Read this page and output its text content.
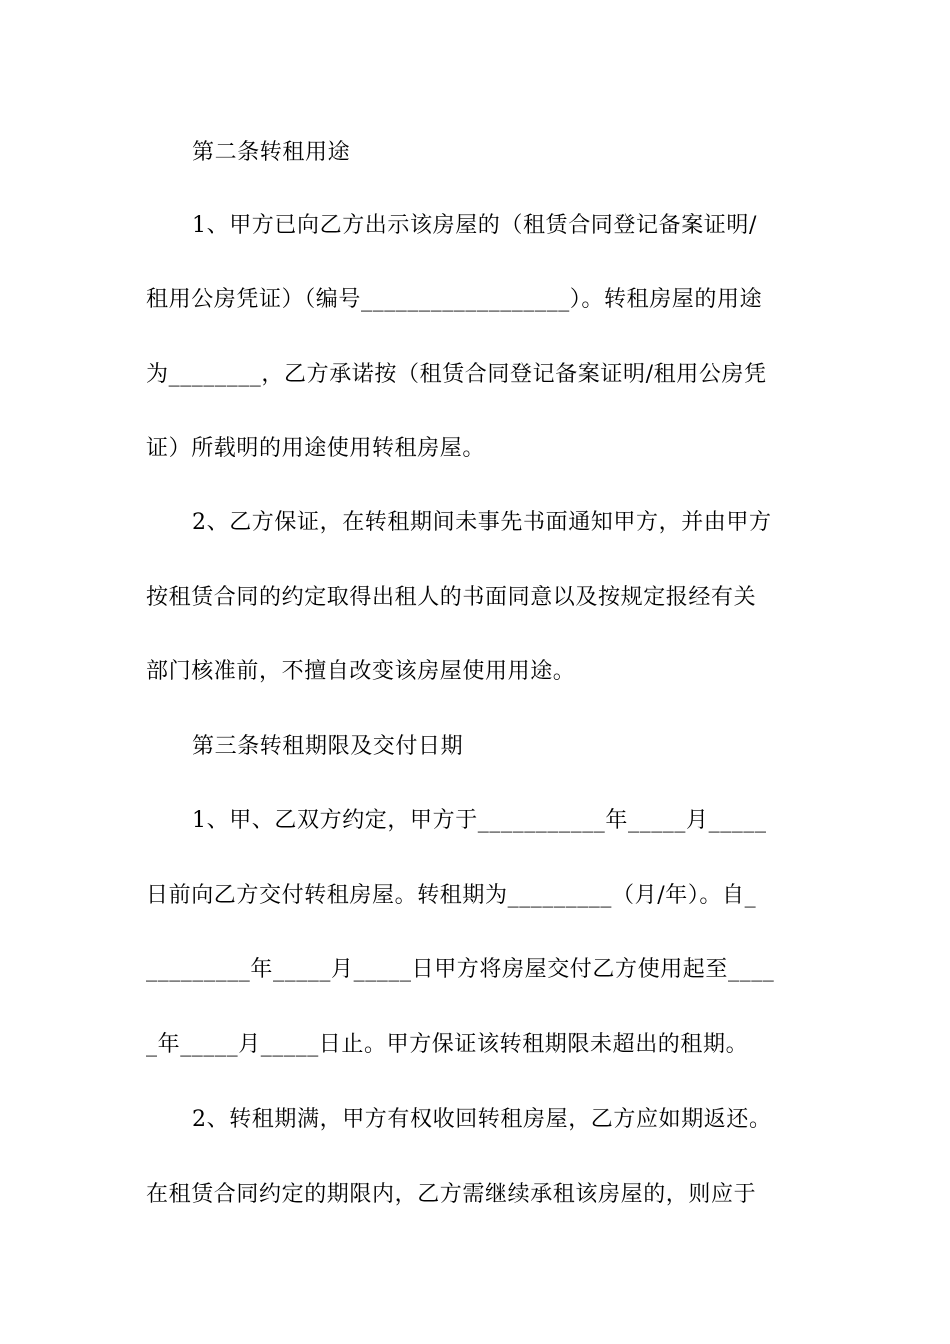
第二条转租用途
1、甲方已向乙方出示该房屋的（租赁合同登记备案证明/
租用公房凭证）（编号__________________）。转租房屋的用途
为________，乙方承诺按（租赁合同登记备案证明/租用公房凭
证）所载明的用途使用转租房屋。
2、乙方保证，在转租期间未事先书面通知甲方，并由甲方
按租赁合同的约定取得出租人的书面同意以及按规定报经有关
部门核准前，不擅自改变该房屋使用用途。
第三条转租期限及交付日期
1、甲、乙双方约定，甲方于___________年_____月_____
日前向乙方交付转租房屋。转租期为_________（月/年）。自_
_________年_____月_____日甲方将房屋交付乙方使用起至____
_年_____月_____日止。甲方保证该转租期限未超出的租期。
2、转租期满，甲方有权收回转租房屋，乙方应如期返还。
在租赁合同约定的期限内，乙方需继续承租该房屋的，则应于
